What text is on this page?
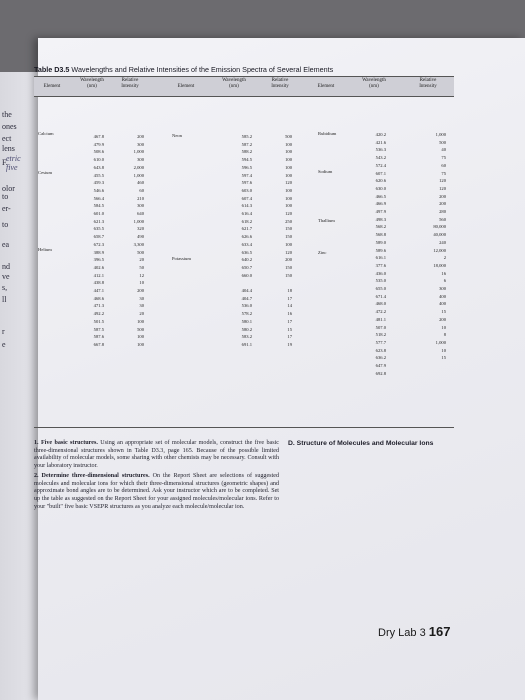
the
ones
ect
lens
F.
olor
to
er-
to
ea
nd
ve
s,
ll
r
e
etric
five
Table D3.5 Wavelengths and Relative Intensities of the Emission Spectra of Several Elements
Element
Wavelength
(nm)
Relative
Intensity	Element
Wavelength
(nm)
Relative
Intensity	Element
Wavelength
(nm)
Relative
Intensity
Calcium

Cesium

Helium
467.8
479.9
508.6
610.0
643.8
455.5
459.3
546.6
566.4
584.5
601.0
621.3
635.5
658.7
672.3
388.9
396.5
402.6
412.1
438.8
447.1
468.6
471.3
492.2
501.5
587.5
587.6
667.8
200
300
1,000
300
2,000
1,000
460
60
210
300
640
1,000
320
490
3,300
500
20
50
12
10
200
30
30
20
100
500
100
100
Neon

Potassium
585.2
587.2
588.2
594.5
596.5
597.4
597.6
603.0
607.4
614.3
616.4
618.2
621.7
626.6
633.4
636.5
640.2
650.7
660.0

404.4
404.7
536.0
578.2
580.1
580.2
583.2
691.1
500
100
100
100
100
100
120
100
100
100
120
250
150
150
100
120
200
150
150

18
17
14
16
17
15
17
19
Rubidium

Sodium

Thallium

Zinc
420.2
421.6
536.3
543.2
572.4
607.1
620.6
630.0
466.5
466.9
497.9
498.3
568.2
568.8
589.0
589.6
616.1
377.6
436.0
535.0
655.0
671.4
468.0
472.2
481.1
507.0
518.2
577.7
623.8
636.2
647.9
692.8
1,000
500
40
75
60
75
120
120
200
200
280
560
80,000
40,000
240
12,000
2
18,000
16
6
300
400
400
15
200
10
8
1,000
10
15

1. Five basic structures. Using an appropriate set of molecular models, construct the five basic three-dimensional structures shown in Table D3.3, page 165. Because of the possible limited availability of molecular models, some sharing with other chemists may be necessary. Consult with your laboratory instructor.

2. Determine three-dimensional structures. On the Report Sheet are selections of suggested molecules and molecular ions for which their three-dimensional structures (geometric shapes) and approximate bond angles are to be determined. Ask your instructor which are to be completed. Set up the table as suggested on the Report Sheet for your assigned molecules/molecular ions. Refer to your "built" five basic VSEPR structures as you analyze each molecule/molecular ion.

D. Structure of Molecules and Molecular Ions
Dry Lab 3 167
